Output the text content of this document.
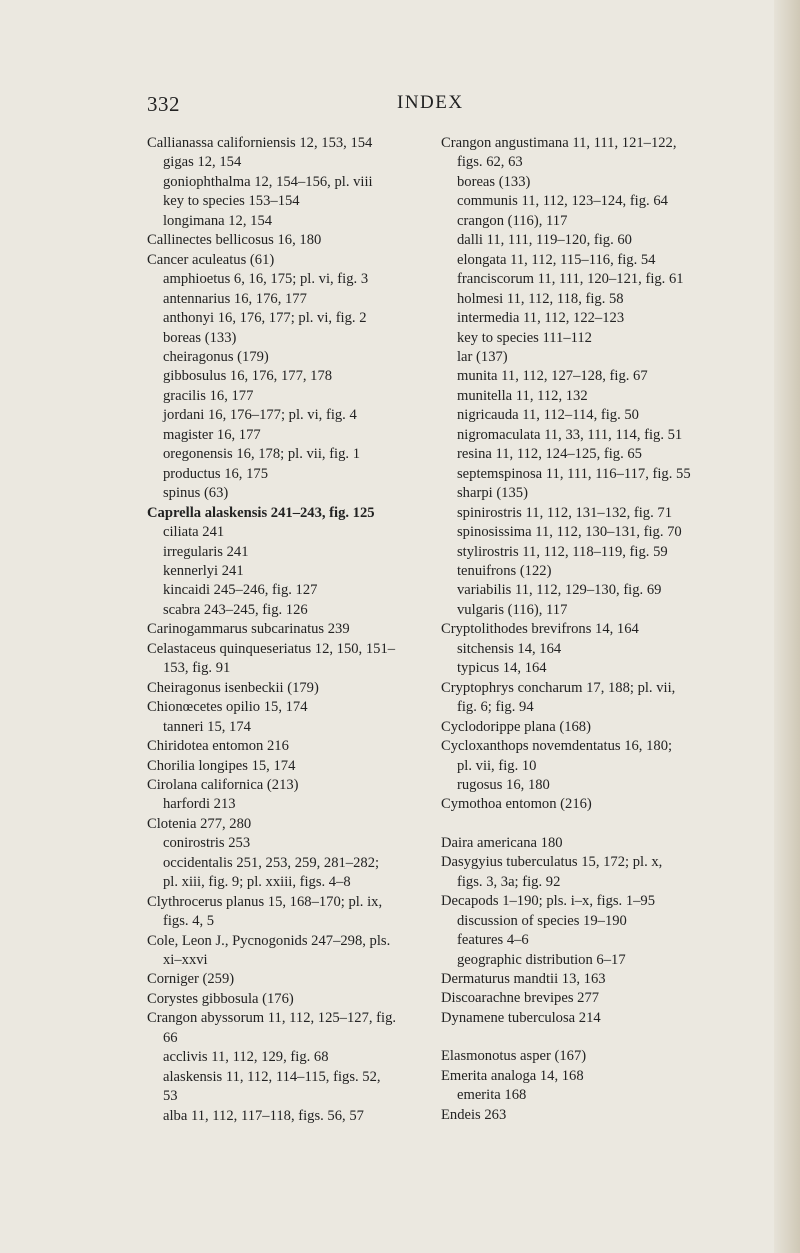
332	INDEX
Callianassa californiensis 12, 153, 154
gigas 12, 154
goniophthalma 12, 154–156, pl. viii
key to species 153–154
longimana 12, 154
Callinectes bellicosus 16, 180
Cancer aculeatus (61)
amphioetus 6, 16, 175; pl. vi, fig. 3
antennarius 16, 176, 177
anthonyi 16, 176, 177; pl. vi, fig. 2
boreas (133)
cheiragonus (179)
gibbosulus 16, 176, 177, 178
gracilis 16, 177
jordani 16, 176–177; pl. vi, fig. 4
magister 16, 177
oregonensis 16, 178; pl. vii, fig. 1
productus 16, 175
spinus (63)
Caprella alaskensis 241–243, fig. 125
ciliata 241
irregularis 241
kennerlyi 241
kincaidi 245–246, fig. 127
scabra 243–245, fig. 126
Carinogammarus subcarinatus 239
Celastaceus quinqueseriatus 12, 150, 151–
153, fig. 91
Cheiragonus isenbeckii (179)
Chionœcetes opilio 15, 174
tanneri 15, 174
Chiridotea entomon 216
Chorilia longipes 15, 174
Cirolana californica (213)
harfordi 213
Clotenia 277, 280
conirostris 253
occidentalis 251, 253, 259, 281–282;
pl. xiii, fig. 9; pl. xxiii, figs. 4–8
Clythrocerus planus 15, 168–170; pl. ix,
figs. 4, 5
Cole, Leon J., Pycnogonids 247–298, pls.
xi–xxvi
Corniger (259)
Corystes gibbosula (176)
Crangon abyssorum 11, 112, 125–127, fig.
66
acclivis 11, 112, 129, fig. 68
alaskensis 11, 112, 114–115, figs. 52,
53
alba 11, 112, 117–118, figs. 56, 57
Crangon angustimana 11, 111, 121–122,
figs. 62, 63
boreas (133)
communis 11, 112, 123–124, fig. 64
crangon (116), 117
dalli 11, 111, 119–120, fig. 60
elongata 11, 112, 115–116, fig. 54
franciscorum 11, 111, 120–121, fig. 61
holmesi 11, 112, 118, fig. 58
intermedia 11, 112, 122–123
key to species 111–112
lar (137)
munita 11, 112, 127–128, fig. 67
munitella 11, 112, 132
nigricauda 11, 112–114, fig. 50
nigromaculata 11, 33, 111, 114, fig. 51
resina 11, 112, 124–125, fig. 65
septemspinosa 11, 111, 116–117, fig. 55
sharpi (135)
spinirostris 11, 112, 131–132, fig. 71
spinosissima 11, 112, 130–131, fig. 70
stylirostris 11, 112, 118–119, fig. 59
tenuifrons (122)
variabilis 11, 112, 129–130, fig. 69
vulgaris (116), 117
Cryptolithodes brevifrons 14, 164
sitchensis 14, 164
typicus 14, 164
Cryptophrys concharum 17, 188; pl. vii,
fig. 6; fig. 94
Cyclodorippe plana (168)
Cycloxanthops novemdentatus 16, 180;
pl. vii, fig. 10
rugosus 16, 180
Cymothoa entomon (216)
Daira americana 180
Dasygyius tuberculatus 15, 172; pl. x,
figs. 3, 3a; fig. 92
Decapods 1–190; pls. i–x, figs. 1–95
discussion of species 19–190
features 4–6
geographic distribution 6–17
Dermaturus mandtii 13, 163
Discoarachne brevipes 277
Dynamene tuberculosa 214
Elasmonotus asper (167)
Emerita analoga 14, 168
emerita 168
Endeis 263
